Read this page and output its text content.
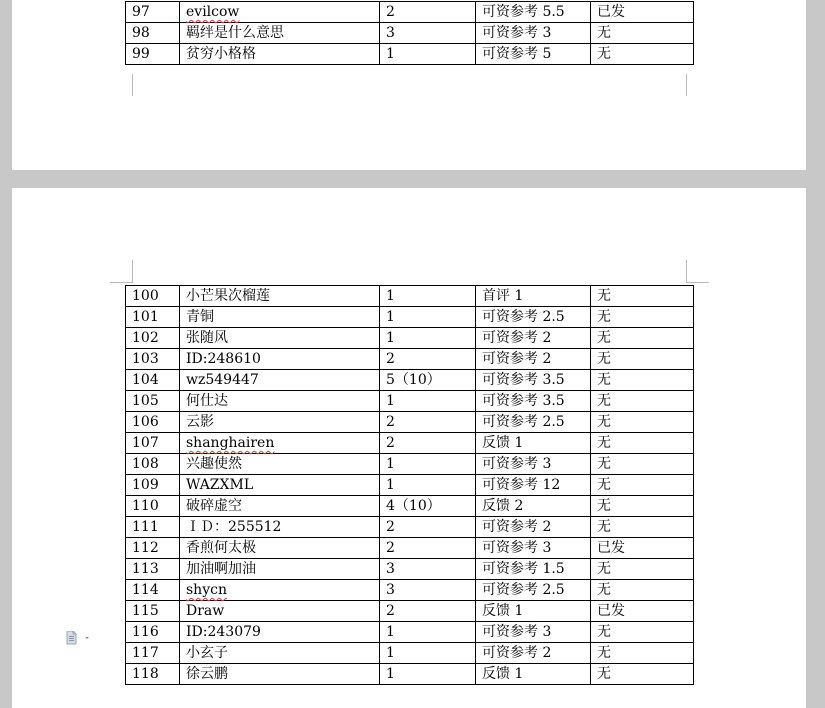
97	evilcow	2	可资参考 5.5	已发
98	羁绊是什么意思	3	可资参考 3	无
99	贫穷小格格	1	可资参考 5	无
100	小芒果次榴莲	1	首评 1	无
101	青铜	1	可资参考 2.5	无
102	张随风	1	可资参考 2	无
103	ID:248610	2	可资参考 2	无
104	wz549447	5（10）	可资参考 3.5	无
105	何仕达	1	可资参考 3.5	无
106	云影	2	可资参考 2.5	无
107	shanghairen	2	反馈 1	无
108	兴趣使然	1	可资参考 3	无
109	WAZXML	1	可资参考 12	无
110	破碎虚空	4（10）	反馈 2	无
111	ＩＤ：255512	2	可资参考 2	无
112	香煎何太极	2	可资参考 3	已发
113	加油啊加油	3	可资参考 1.5	无
114	shycn	3	可资参考 2.5	无
115	Draw	2	反馈 1	已发
116	ID:243079	1	可资参考 3	无
117	小玄子	1	可资参考 2	无
118	徐云鹏	1	反馈 1	无
